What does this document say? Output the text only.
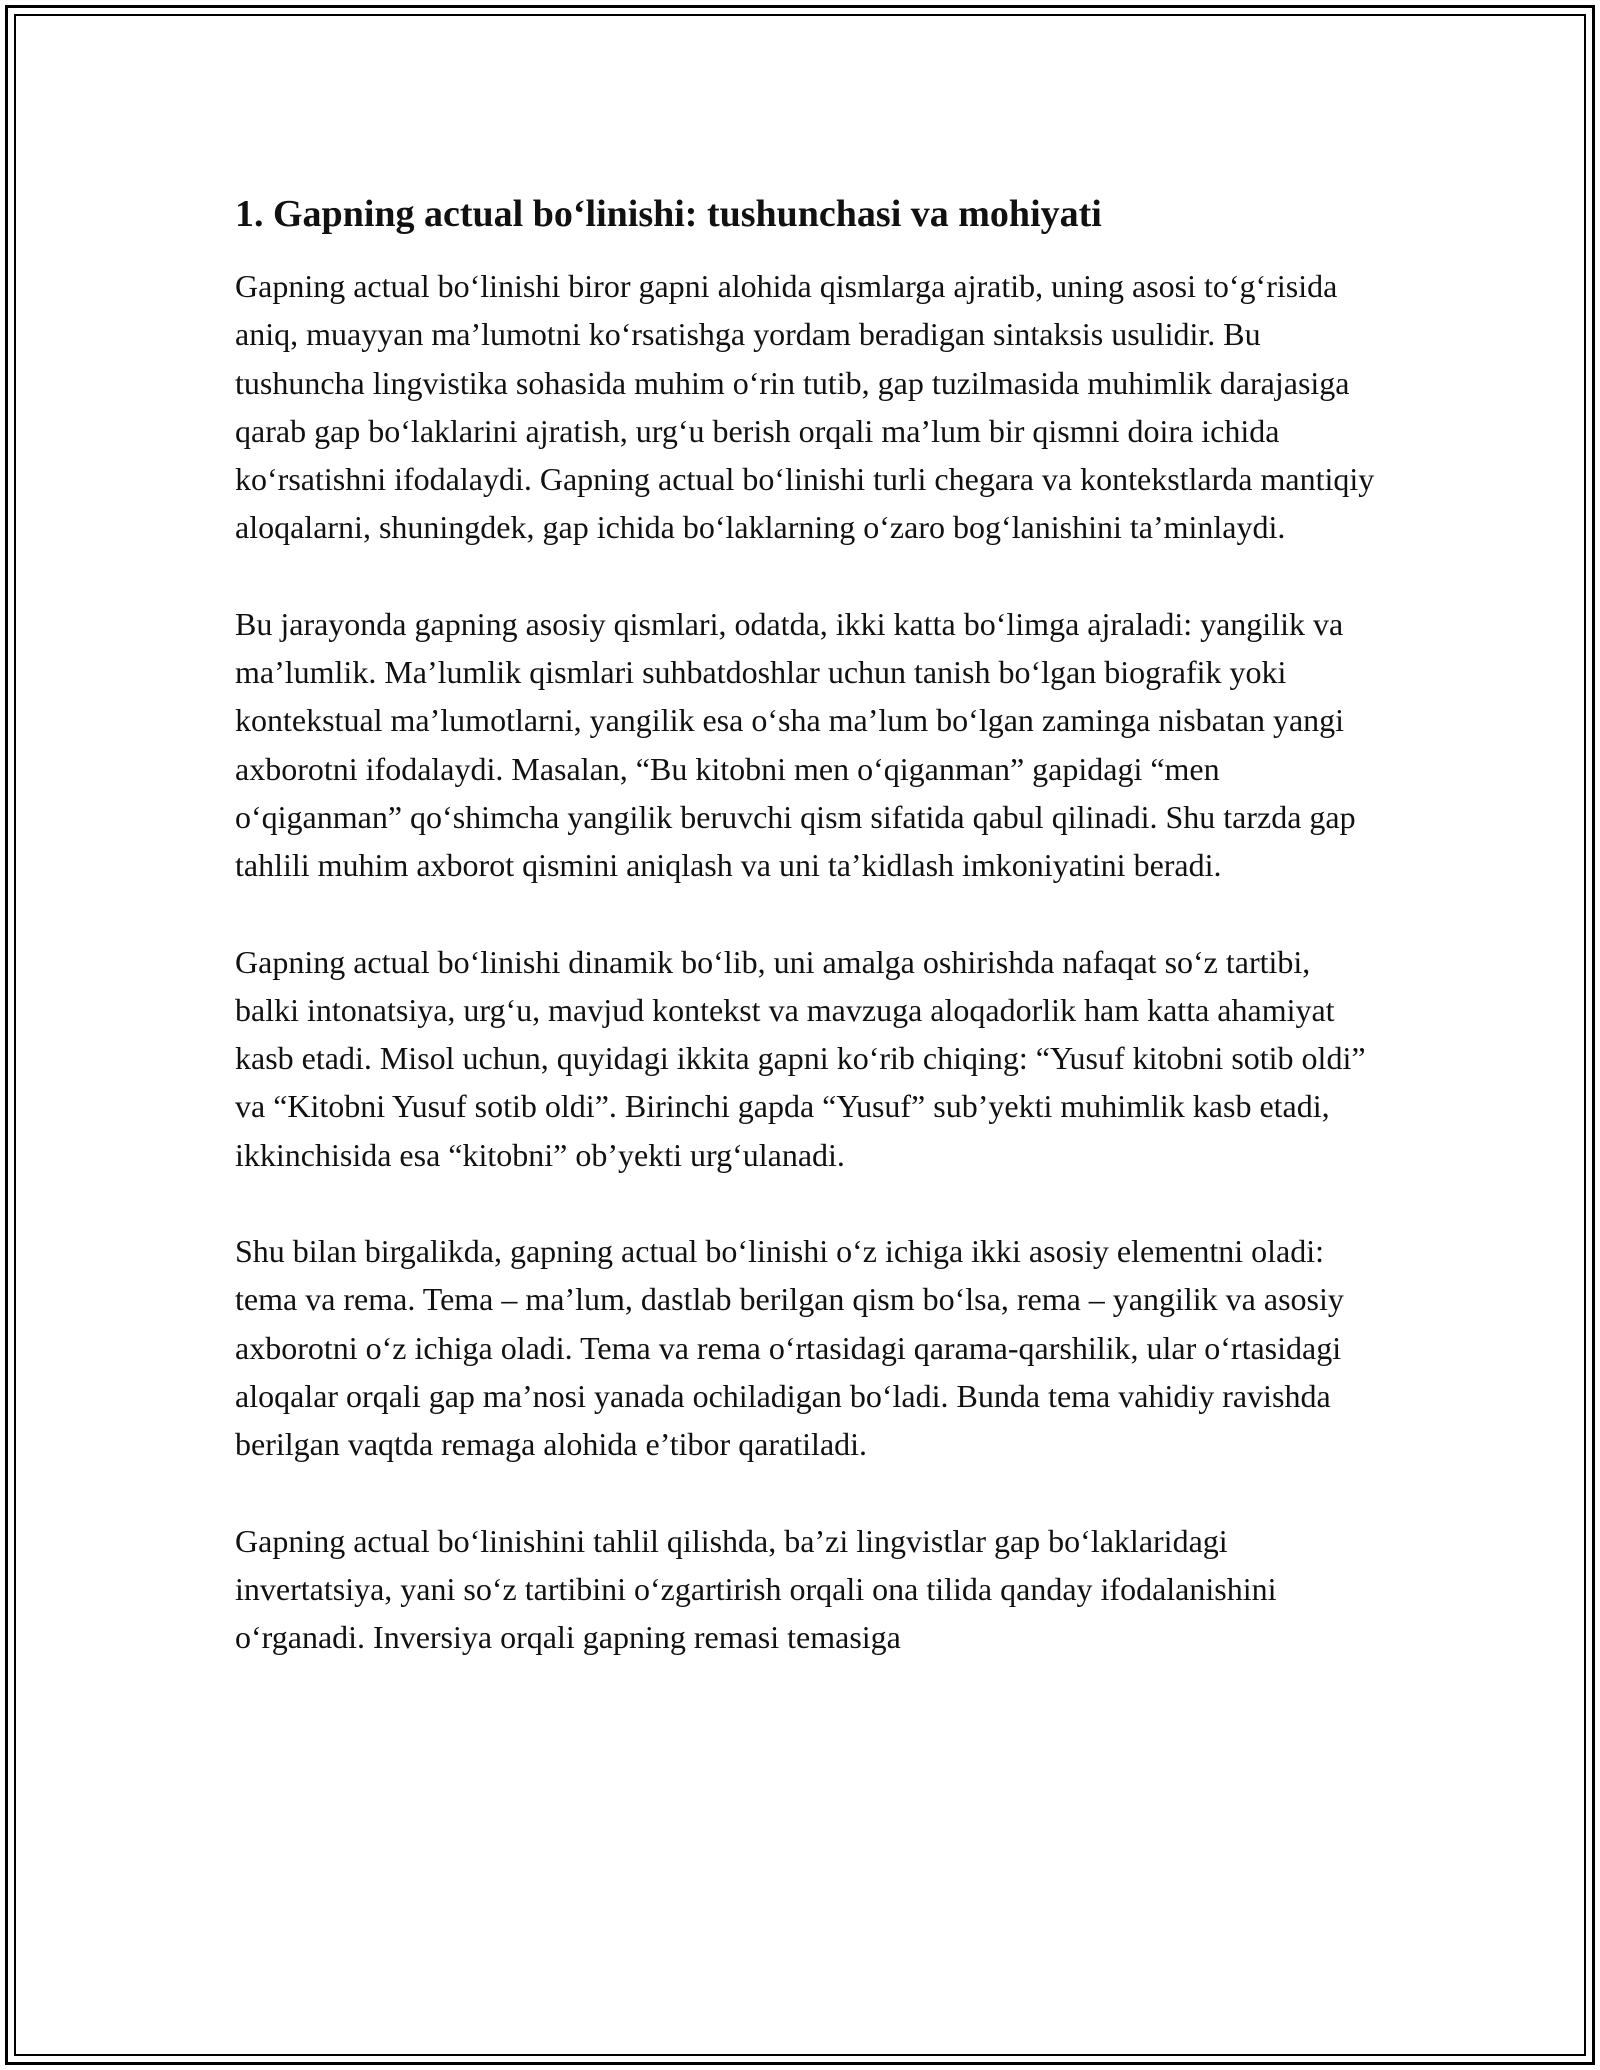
1. Gapning actual bo‘linishi: tushunchasi va mohiyati

Gapning actual bo‘linishi biror gapni alohida qismlarga ajratib, uning asosi to‘g‘risida aniq, muayyan ma’lumotni ko‘rsatishga yordam beradigan sintaksis usulidir. Bu tushuncha lingvistika sohasida muhim o‘rin tutib, gap tuzilmasida muhimlik darajasiga qarab gap bo‘laklarini ajratish, urg‘u berish orqali ma’lum bir qismni doira ichida ko‘rsatishni ifodalaydi. Gapning actual bo‘linishi turli chegara va kontekstlarda mantiqiy aloqalarni, shuningdek, gap ichida bo‘laklarning o‘zaro bog‘lanishini ta’minlaydi.

Bu jarayonda gapning asosiy qismlari, odatda, ikki katta bo‘limga ajraladi: yangilik va ma’lumlik. Ma’lumlik qismlari suhbatdoshlar uchun tanish bo‘lgan biografik yoki kontekstual ma’lumotlarni, yangilik esa o‘sha ma’lum bo‘lgan zaminga nisbatan yangi axborotni ifodalaydi. Masalan, “Bu kitobni men o‘qiganman” gapidagi “men o‘qiganman” qo‘shimcha yangilik beruvchi qism sifatida qabul qilinadi. Shu tarzda gap tahlili muhim axborot qismini aniqlash va uni ta’kidlash imkoniyatini beradi.

Gapning actual bo‘linishi dinamik bo‘lib, uni amalga oshirishda nafaqat so‘z tartibi, balki intonatsiya, urg‘u, mavjud kontekst va mavzuga aloqadorlik ham katta ahamiyat kasb etadi. Misol uchun, quyidagi ikkita gapni ko‘rib chiqing: “Yusuf kitobni sotib oldi” va “Kitobni Yusuf sotib oldi”. Birinchi gapda “Yusuf” sub’yekti muhimlik kasb etadi, ikkinchisida esa “kitobni” ob’yekti urg‘ulanadi.

Shu bilan birgalikda, gapning actual bo‘linishi o‘z ichiga ikki asosiy elementni oladi: tema va rema. Tema – ma’lum, dastlab berilgan qism bo‘lsa, rema – yangilik va asosiy axborotni o‘z ichiga oladi. Tema va rema o‘rtasidagi qarama-qarshilik, ular o‘rtasidagi aloqalar orqali gap ma’nosi yanada ochiladigan bo‘ladi. Bunda tema vahidiy ravishda berilgan vaqtda remaga alohida e’tibor qaratiladi.

Gapning actual bo‘linishini tahlil qilishda, ba’zi lingvistlar gap bo‘laklaridagi invertatsiya, yani so‘z tartibini o‘zgartirish orqali ona tilida qanday ifodalanishini o‘rganadi. Inversiya orqali gapning remasi temasiga
